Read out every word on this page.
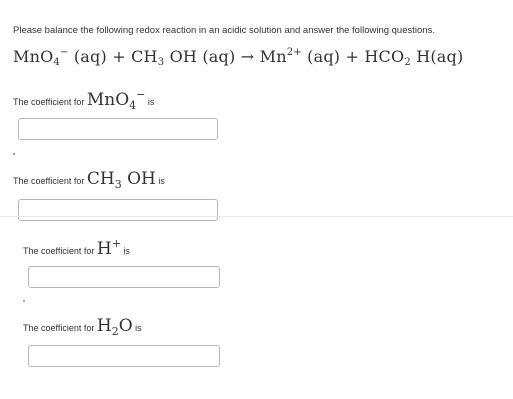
Please balance the following redox reaction in an acidic solution and answer the following questions.
MnO$_4$− $(aq) + CH_3$ OH $(aq) \to Mn^{2+}$ $(aq) + HCO_2$ H(aq)
The coefficient for MnO$_4$− is
The coefficient for $CH_3$ OH is
The coefficient for H+ is
The coefficient for $H_2O$ is
